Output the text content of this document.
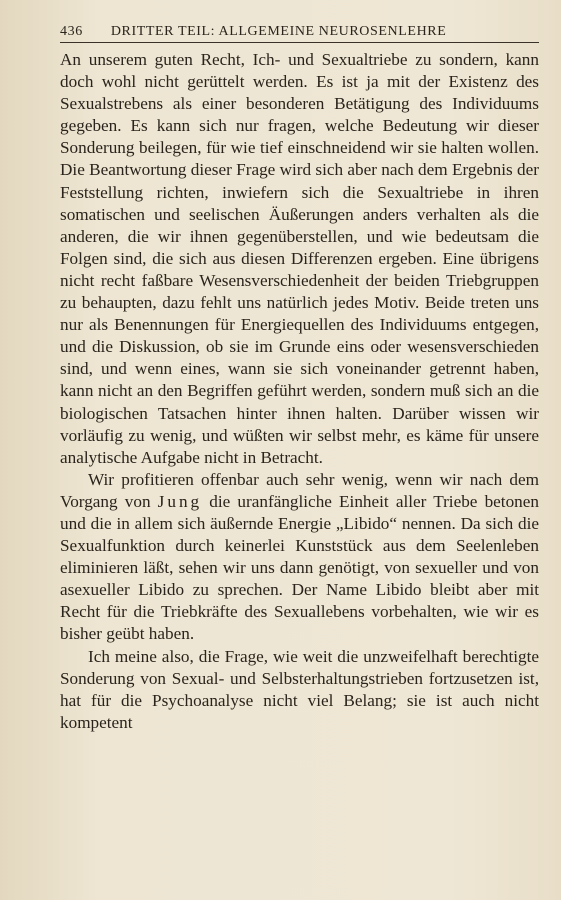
436 DRITTER TEIL: ALLGEMEINE NEUROSENLEHRE

An unserem guten Recht, Ich- und Sexualtriebe zu sondern, kann doch wohl nicht gerüttelt werden. Es ist ja mit der Existenz des Sexualstrebens als einer besonderen Betätigung des Individuums gegeben. Es kann sich nur fragen, welche Bedeutung wir dieser Sonderung beilegen, für wie tief einschneidend wir sie halten wollen. Die Beantwortung dieser Frage wird sich aber nach dem Ergebnis der Feststellung richten, inwiefern sich die Sexualtriebe in ihren somatischen und seelischen Äußerungen anders verhalten als die anderen, die wir ihnen gegenüberstellen, und wie bedeutsam die Folgen sind, die sich aus diesen Differenzen ergeben. Eine übrigens nicht recht faßbare Wesensverschiedenheit der beiden Triebgruppen zu behaupten, dazu fehlt uns natürlich jedes Motiv. Beide treten uns nur als Benennungen für Energiequellen des Individuums entgegen, und die Diskussion, ob sie im Grunde eins oder wesensverschieden sind, und wenn eines, wann sie sich voneinander getrennt haben, kann nicht an den Begriffen geführt werden, sondern muß sich an die biologischen Tatsachen hinter ihnen halten. Darüber wissen wir vorläufig zu wenig, und wüßten wir selbst mehr, es käme für unsere analytische Aufgabe nicht in Betracht.

Wir profitieren offenbar auch sehr wenig, wenn wir nach dem Vorgang von Jung die uranfängliche Einheit aller Triebe betonen und die in allem sich äußernde Energie „Libido“ nennen. Da sich die Sexualfunktion durch keinerlei Kunststück aus dem Seelenleben eliminieren läßt, sehen wir uns dann genötigt, von sexueller und von asexueller Libido zu sprechen. Der Name Libido bleibt aber mit Recht für die Triebkräfte des Sexuallebens vorbehalten, wie wir es bisher geübt haben.

Ich meine also, die Frage, wie weit die unzweifelhaft berechtigte Sonderung von Sexual- und Selbsterhaltungstrieben fortzusetzen ist, hat für die Psychoanalyse nicht viel Belang; sie ist auch nicht kompetent
